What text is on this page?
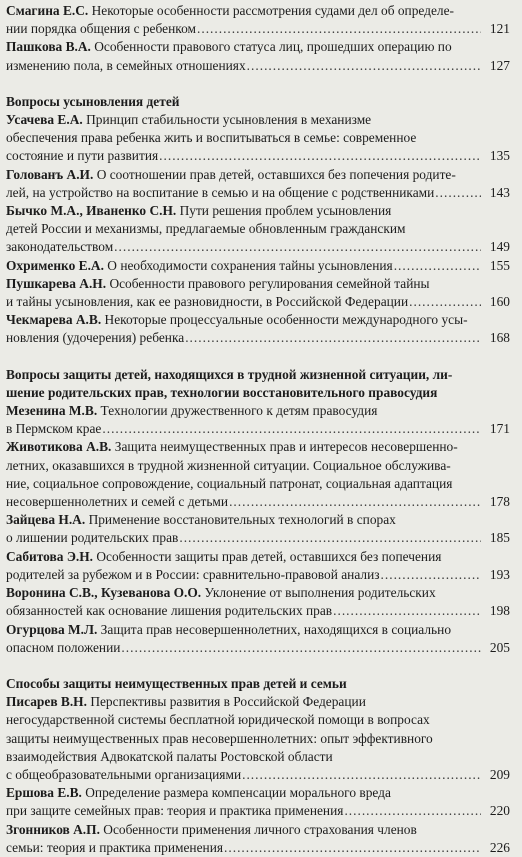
Смагина Е.С. Некоторые особенности рассмотрения судами дел об определе-
нии порядка общения с ребенком .....	121
Пашкова В.А. Особенности правового статуса лиц, прошедших операцию по
изменению пола, в семейных отношениях .....	127
Вопросы усыновления детей
Усачева Е.А. Принцип стабильности усыновления в механизме
обеспечения права ребенка жить и воспитываться в семье: современное
состояние и пути развития .....	135
Голованъ А.И. О соотношении прав детей, оставшихся без попечения родите-
лей, на устройство на воспитание в семью и на общение с родственниками .....	143
Бычко М.А., Иваненко С.Н. Пути решения проблем усыновления
детей России и механизмы, предлагаемые обновленным гражданским
законодательством .....	149
Охрименко Е.А. О необходимости сохранения тайны усыновления .....	155
Пушкарева А.Н. Особенности правового регулирования семейной тайны
и тайны усыновления, как ее разновидности, в Российской Федерации .....	160
Чекмарева А.В. Некоторые процессуальные особенности международного усы-
новления (удочерения) ребенка .....	168
Вопросы защиты детей, находящихся в трудной жизненной ситуации, ли-
шение родительских прав, технологии восстановительного правосудия
Мезенина М.В. Технологии дружественного к детям правосудия
в Пермском крае .....	171
Животикова А.В. Защита неимущественных прав и интересов несовершенно-
летних, оказавшихся в трудной жизненной ситуации. Социальное обслужива-
ние, социальное сопровождение, социальный патронат, социальная адаптация
несовершеннолетних и семей с детьми .....	178
Зайцева Н.А. Применение восстановительных технологий в спорах
о лишении родительских прав .....	185
Сабитова Э.Н. Особенности защиты прав детей, оставшихся без попечения
родителей за рубежом и в России: сравнительно-правовой анализ .....	193
Воронина С.В., Кузеванова О.О. Уклонение от выполнения родительских
обязанностей как основание лишения родительских прав .....	198
Огурцова М.Л. Защита прав несовершеннолетних, находящихся в социально
опасном положении .....	205
Способы защиты неимущественных прав детей и семьи
Писарев В.Н. Перспективы развития в Российской Федерации
негосударственной системы бесплатной юридической помощи в вопросах
защиты неимущественных прав несовершеннолетних: опыт эффективного
взаимодействия Адвокатской палаты Ростовской области
с общеобразовательными организациями .....	209
Ершова Е.В. Определение размера компенсации морального вреда
при защите семейных прав: теория и практика применения .....	220
Згонников А.П. Особенности применения личного страхования членов
семьи: теория и практика применения .....	226
